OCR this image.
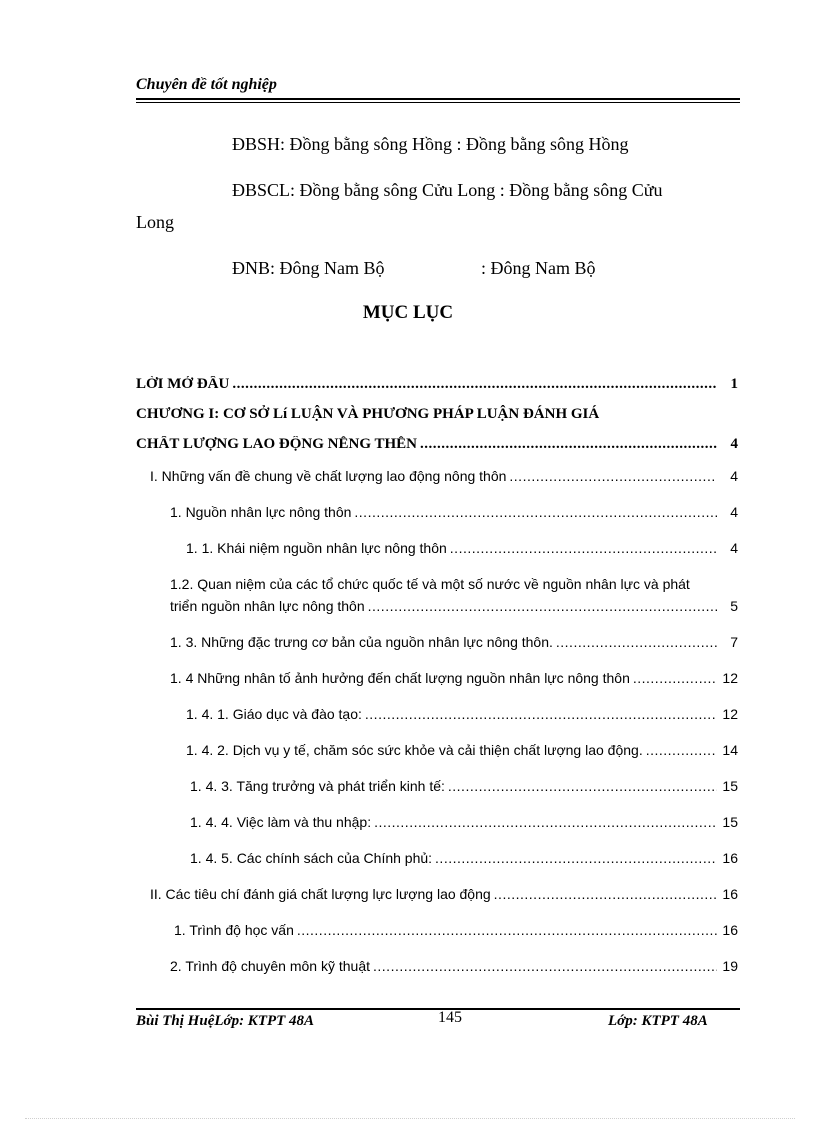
Chuyên đề tốt nghiệp
ĐBSH: Đồng bằng sông Hồng : Đồng bằng sông Hồng
ĐBSCL: Đồng bằng sông Cửu Long : Đồng bằng sông Cửu
Long
ĐNB: Đông Nam Bộ	: Đông Nam Bộ
MỤC LỤC
LỜI MỞ ĐẦU .....	1
CHƯƠNG I: CƠ SỞ Lí LUẬN VÀ PHƯƠNG PHÁP LUẬN ĐÁNH GIÁ
CHẤT LƯỢNG LAO ĐỘNG NỄNG THỄN .....	4
I. Những vấn đề chung về chất lượng lao động nông thôn .....	4
1. Nguồn nhân lực nông thôn .....	4
1. 1. Khái niệm nguồn nhân lực nông thôn .....	4
1.2. Quan niệm của các tổ chức quốc tế và một số nước về nguồn nhân lực và phát
triển nguồn nhân lực nông thôn .....	5
1. 3. Những đặc trưng cơ bản của nguồn nhân lực nông thôn. .....	7
1. 4 Những nhân tố ảnh hưởng đến chất lượng nguồn nhân lực nông thôn .....	12
1. 4. 1. Giáo dục và đào tạo: .....	12
1. 4. 2. Dịch vụ y tế, chăm sóc sức khỏe và cải thiện chất lượng lao động. .....	14
1. 4. 3. Tăng trưởng và phát triển kinh tế: .....	15
1. 4. 4. Việc làm và thu nhập: .....	15
1. 4. 5. Các chính sách của Chính phủ: .....	16
II. Các tiêu chí đánh giá chất lượng lực lượng lao động .....	16
1. Trình độ học vấn .....	16
2. Trình độ chuyên môn kỹ thuật .....	19
Bùi Thị HuệLớp: KTPT 48A	145	Lớp: KTPT 48A
